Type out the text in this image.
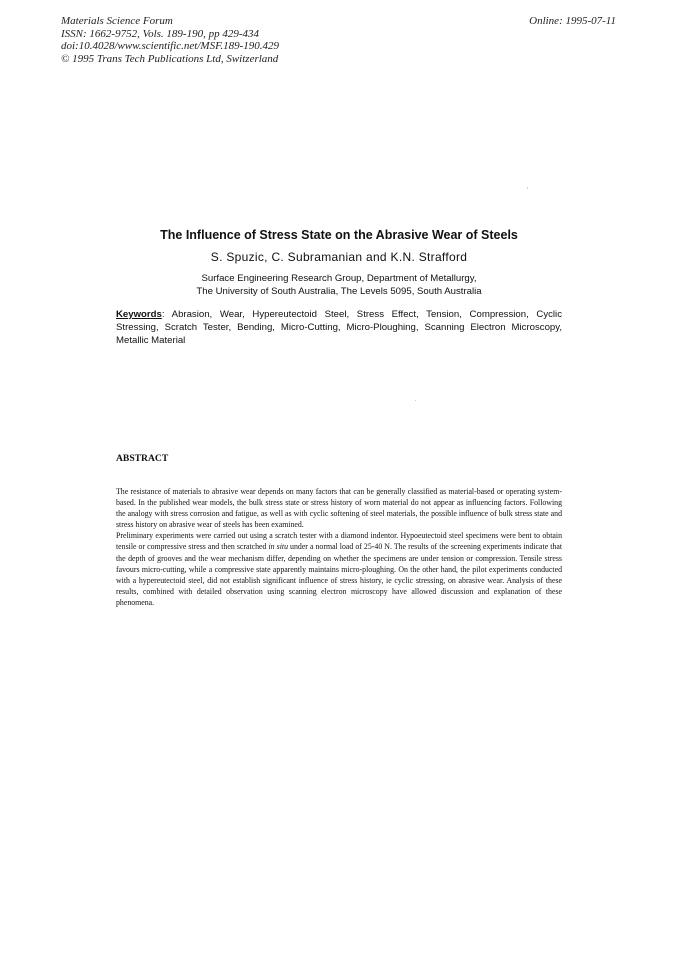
Materials Science Forum
ISSN: 1662-9752, Vols. 189-190, pp 429-434
doi:10.4028/www.scientific.net/MSF.189-190.429
© 1995 Trans Tech Publications Ltd, Switzerland
Online: 1995-07-11
The Influence of Stress State on the Abrasive Wear of Steels
S. Spuzic, C. Subramanian and K.N. Strafford
Surface Engineering Research Group, Department of Metallurgy,
The University of South Australia, The Levels 5095, South Australia
Keywords: Abrasion, Wear, Hypereutectoid Steel, Stress Effect, Tension, Compression, Cyclic Stressing, Scratch Tester, Bending, Micro-Cutting, Micro-Ploughing, Scanning Electron Microscopy, Metallic Material
ABSTRACT

The resistance of materials to abrasive wear depends on many factors that can be generally classified as material-based or operating system-based. In the published wear models, the bulk stress state or stress history of worn material do not appear as influencing factors. Following the analogy with stress corrosion and fatigue, as well as with cyclic softening of steel materials, the possible influence of bulk stress state and stress history on abrasive wear of steels has been examined.

Preliminary experiments were carried out using a scratch tester with a diamond indentor. Hypoeutectoid steel specimens were bent to obtain tensile or compressive stress and then scratched in situ under a normal load of 25-40 N. The results of the screening experiments indicate that the depth of grooves and the wear mechanism differ, depending on whether the specimens are under tension or compression. Tensile stress favours micro-cutting, while a compressive state apparently maintains micro-ploughing. On the other hand, the pilot experiments conducted with a hypereutectoid steel, did not establish significant influence of stress history, ie cyclic stressing, on abrasive wear. Analysis of these results, combined with detailed observation using scanning electron microscopy have allowed discussion and explanation of these phenomena.
